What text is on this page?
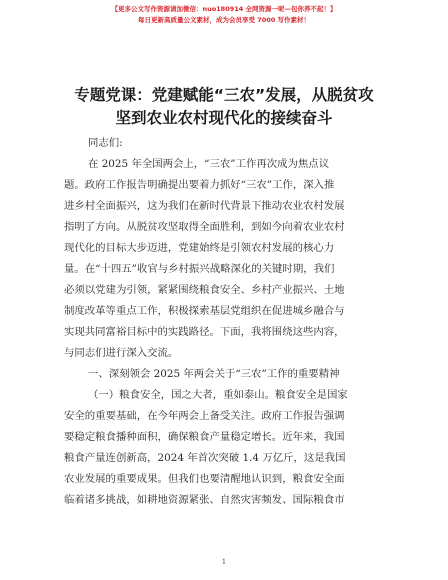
【更多公文写作资源请加微信：nuo180914 全网资源一呢—包你养不起！】
每日更新高质量公文素材，成为会员享受 7000 写作素材！
专题党课：党建赋能“三农”发展，从脱贫攻
坚到农业农村现代化的接续奋斗
同志们:
在 2025 年全国两会上，“三农”工作再次成为焦点议
题。政府工作报告明确提出要着力抓好“三农”工作，深入推
进乡村全面振兴，这为我们在新时代背景下推动农业农村发展
指明了方向。从脱贫攻坚取得全面胜利，到如今向着农业农村
现代化的目标大步迈进，党建始终是引领农村发展的核心力
量。在“十四五”收官与乡村振兴战略深化的关键时期，我们
必须以党建为引领，紧紧围绕粮食安全、乡村产业振兴、土地
制度改革等重点工作，积极探索基层党组织在促进城乡融合与
实现共同富裕目标中的实践路径。下面，我将围绕这些内容，
与同志们进行深入交流。
一、深刻领会 2025 年两会关于“三农”工作的重要精神
（一）粮食安全，国之大者，重如泰山。粮食安全是国家
安全的重要基础，在今年两会上备受关注。政府工作报告强调
要稳定粮食播种面积，确保粮食产量稳定增长。近年来，我国
粮食产量连创新高，2024 年首次突破 1.4 万亿斤，这是我国
农业发展的重要成果。但我们也要清醒地认识到，粮食安全面
临着诸多挑战，如耕地资源紧张、自然灾害频发、国际粮食市
1
